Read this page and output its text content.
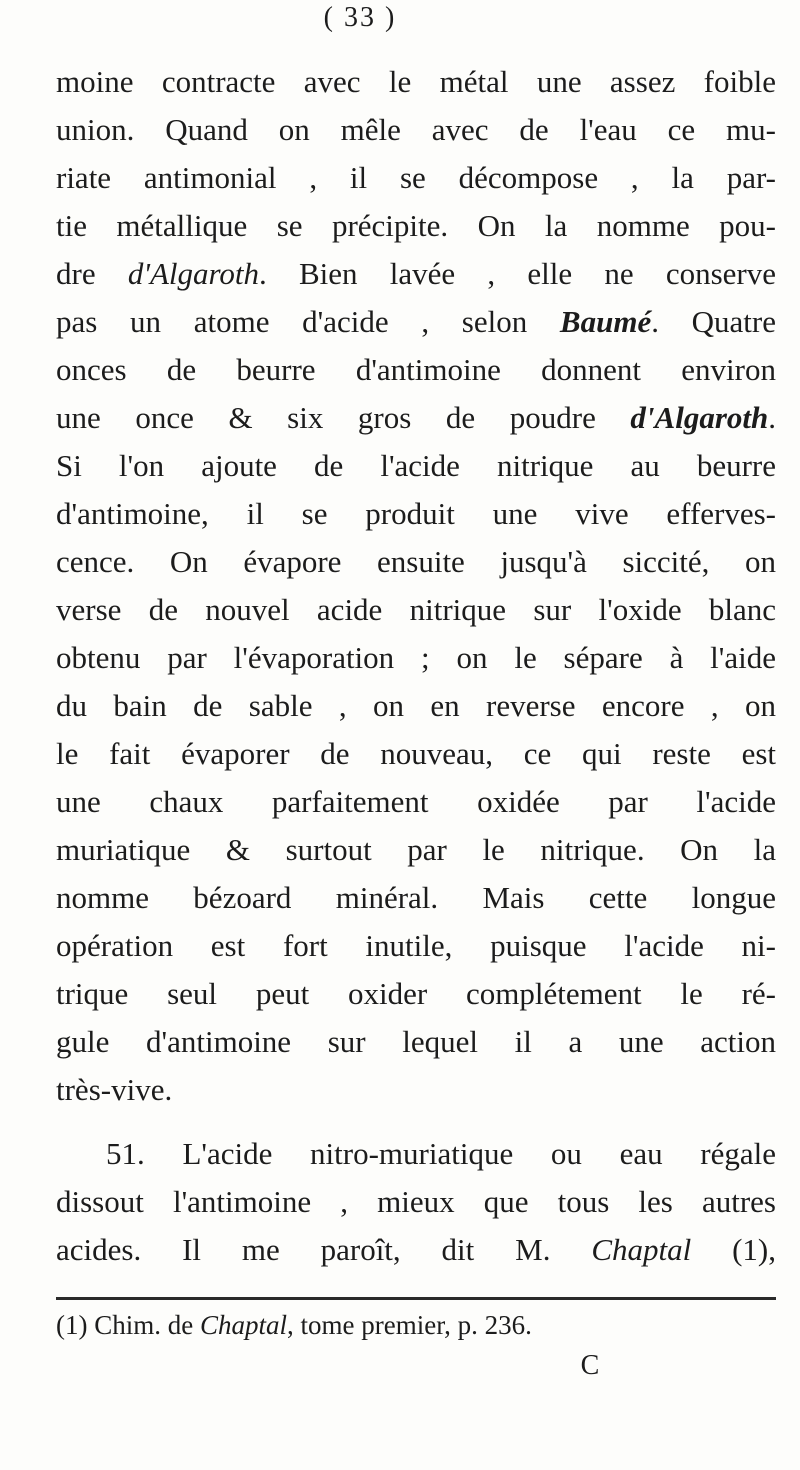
( 33 )
moine contracte avec le métal une assez foible
union. Quand on mêle avec de l'eau ce mu-
riate antimonial , il se décompose , la par-
tie métallique se précipite. On la nomme pou-
dre d'Algaroth. Bien lavée , elle ne conserve
pas un atome d'acide , selon Baumé. Quatre
onces de beurre d'antimoine donnent environ
une once & six gros de poudre d'Algaroth.
Si l'on ajoute de l'acide nitrique au beurre
d'antimoine, il se produit une vive efferves-
cence. On évapore ensuite jusqu'à siccité, on
verse de nouvel acide nitrique sur l'oxide blanc
obtenu par l'évaporation ; on le sépare à l'aide
du bain de sable , on en reverse encore , on
le fait évaporer de nouveau, ce qui reste est
une chaux parfaitement oxidée par l'acide
muriatique & surtout par le nitrique. On la
nomme bézoard minéral. Mais cette longue
opération est fort inutile, puisque l'acide ni-
trique seul peut oxider complétement le ré-
gule d'antimoine sur lequel il a une action
très-vive.
51. L'acide nitro-muriatique ou eau régale
dissout l'antimoine , mieux que tous les autres
acides. Il me paroît, dit M. Chaptal (1),
(1) Chim. de Chaptal, tome premier, p. 236.
C
